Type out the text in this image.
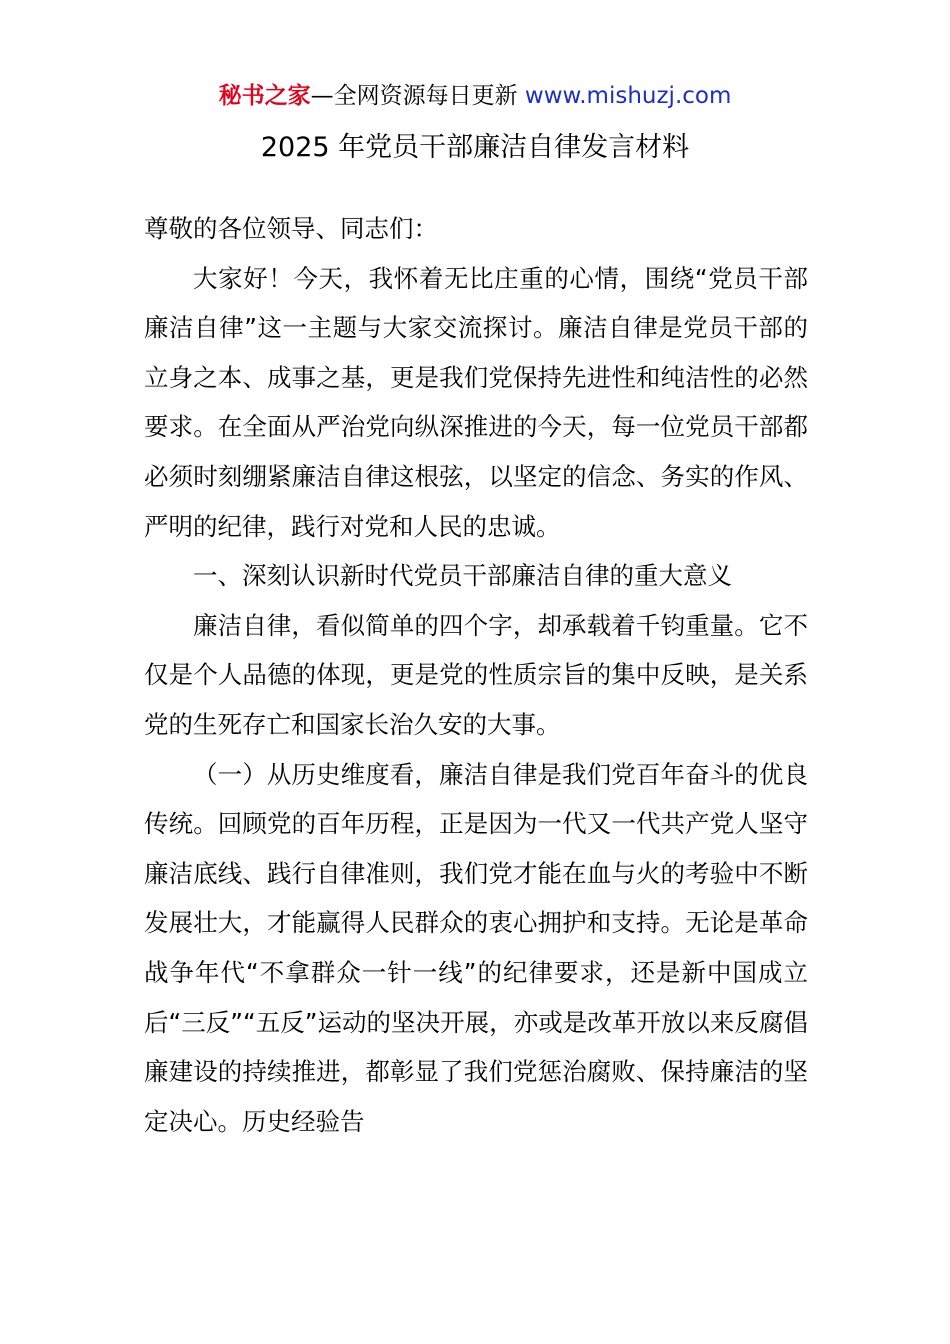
秘书之家—全网资源每日更新 www.mishuzj.com
2025 年党员干部廉洁自律发言材料

尊敬的各位领导、同志们：

大家好！今天，我怀着无比庄重的心情，围绕“党员干部廉洁自律”这一主题与大家交流探讨。廉洁自律是党员干部的立身之本、成事之基，更是我们党保持先进性和纯洁性的必然要求。在全面从严治党向纵深推进的今天，每一位党员干部都必须时刻绷紧廉洁自律这根弦，以坚定的信念、务实的作风、严明的纪律，践行对党和人民的忠诚。

一、深刻认识新时代党员干部廉洁自律的重大意义

廉洁自律，看似简单的四个字，却承载着千钧重量。它不仅是个人品德的体现，更是党的性质宗旨的集中反映，是关系党的生死存亡和国家长治久安的大事。

（一）从历史维度看，廉洁自律是我们党百年奋斗的优良传统。回顾党的百年历程，正是因为一代又一代共产党人坚守廉洁底线、践行自律准则，我们党才能在血与火的考验中不断发展壮大，才能赢得人民群众的衷心拥护和支持。无论是革命战争年代“不拿群众一针一线”的纪律要求，还是新中国成立后“三反”“五反”运动的坚决开展，亦或是改革开放以来反腐倡廉建设的持续推进，都彰显了我们党惩治腐败、保持廉洁的坚定决心。历史经验告
